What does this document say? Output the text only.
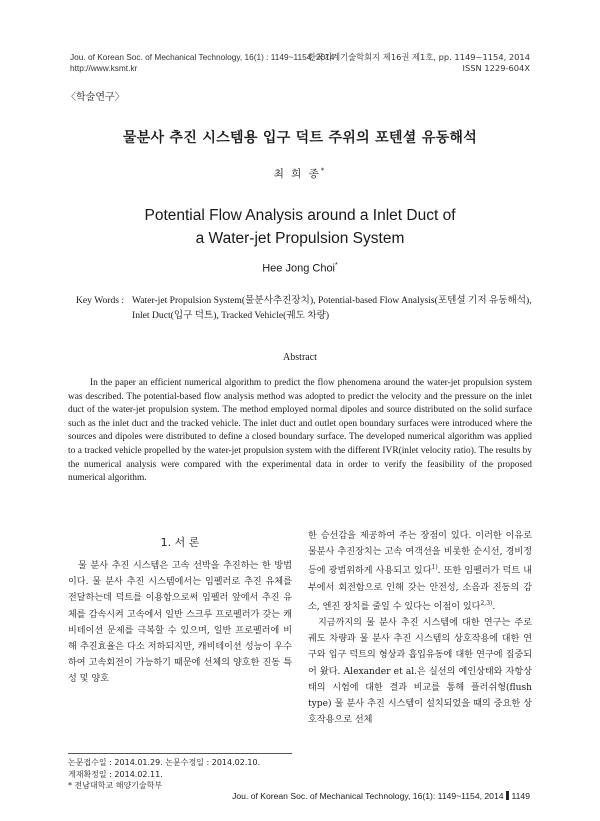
Jou. of Korean Soc. of Mechanical Technology, 16(1) : 1149~1154, 2014
http://www.ksmt.kr
한국기계기술학회지 제16권 제1호, pp. 1149~1154, 2014
ISSN 1229-604X
〈학술연구〉
물분사 추진 시스템용 입구 덕트 주위의 포텐셜 유동해석
최 희 종*
Potential Flow Analysis around a Inlet Duct of
a Water-jet Propulsion System
Hee Jong Choi*
Key Words : Water-jet Propulsion System(물분사추진장치), Potential-based Flow Analysis(포텐셜 기저 유동해석),
Inlet Duct(입구 덕트), Tracked Vehicle(궤도 차량)
Abstract
In the paper an efficient numerical algorithm to predict the flow phenomena around the water-jet propulsion system was described. The potential-based flow analysis method was adopted to predict the velocity and the pressure on the inlet duct of the water-jet propulsion system. The method employed normal dipoles and source distributed on the solid surface such as the inlet duct and the tracked vehicle. The inlet duct and outlet open boundary surfaces were introduced where the sources and dipoles were distributed to define a closed boundary surface. The developed numerical algorithm was applied to a tracked vehicle propelled by the water-jet propulsion system with the different IVR(inlet velocity ratio). The results by the numerical analysis were compared with the experimental data in order to verify the feasibility of the proposed numerical algorithm.
1. 서 론

물 분사 추진 시스템은 고속 선박을 추진하는 한 방법이다. 물 분사 추진 시스템에서는 임펠러로 추진 유체를 전달하는데 덕트를 이용함으로써 임펠러 앞에서 추진 유체를 감속시켜 고속에서 일반 스크루 프로펠러가 갖는 캐비테이션 문제를 극복할 수 있으며, 일반 프로펠러에 비해 추진효율은 다소 저하되지만, 캐비테이션 성능이 우수하여 고속회전이 가능하기 때문에 선체의 양호한 진동 특성 및 양호

한 승선감을 제공하여 주는 장점이 있다. 이러한 이유로 물분사 추진장치는 고속 여객선을 비롯한 순시선, 경비정 등에 광범위하게 사용되고 있다$^{1)}$. 또한 임펠러가 덕트 내부에서 회전함으로 인해 갖는 안전성, 소음과 진동의 감소, 엔진 장치를 줄일 수 있다는 이점이 있다$^{2,3)}$.

지금까지의 물 분사 추진 시스템에 대한 연구는 주로 궤도 차량과 물 분사 추진 시스템의 상호작용에 대한 연구와 입구 덕트의 형상과 흡입유동에 대한 연구에 집중되어 왔다. Alexander et al.은 실선의 예인상태와 자항상태의 시험에 대한 결과 비교를 통해 플러쉬형(flush type) 물 분사 추진 시스템이 설치되었을 때의 중요한 상호작용으로 선체

논문접수일 : 2014.01.29. 논문수정일 : 2014.02.10.
게재확정일 : 2014.02.11.
* 전남대학교 해양기술학부
Jou. of Korean Soc. of Mechanical Technology, 16(1): 1149~1154, 2014 1149
